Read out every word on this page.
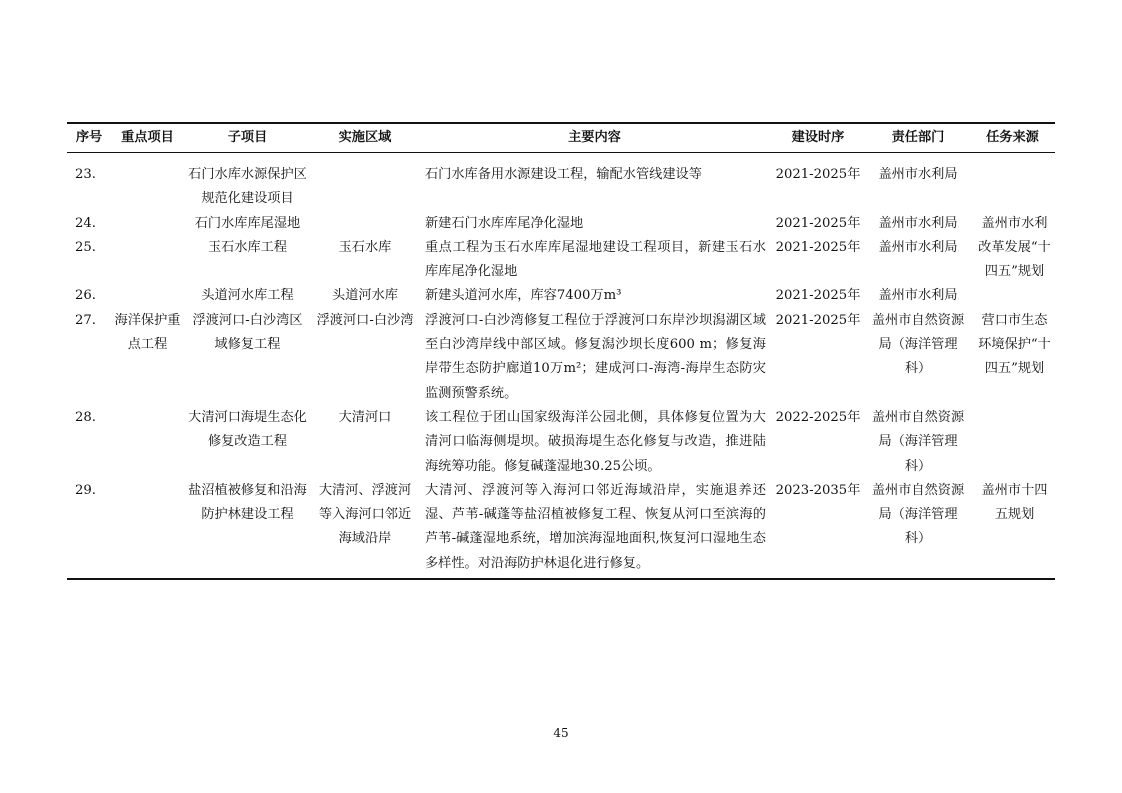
序号	重点项目	子项目	实施区域	主要内容	建设时序	责任部门	任务来源
23.		石门水库水源保护区规范化建设项目		石门水库备用水源建设工程，输配水管线建设等	2021-2025年	盖州市水利局	
24.		石门水库库尾湿地		新建石门水库库尾净化湿地	2021-2025年	盖州市水利局	盖州市水利改革发展“十四五”规划
25.		玉石水库工程	玉石水库	重点工程为玉石水库库尾湿地建设工程项目，新建玉石水库库尾净化湿地	2021-2025年	盖州市水利局	
26.		头道河水库工程	头道河水库	新建头道河水库，库容7400万m³	2021-2025年	盖州市水利局	
27.	海洋保护重点工程	浮渡河口-白沙湾区域修复工程	浮渡河口-白沙湾	浮渡河口-白沙湾修复工程位于浮渡河口东岸沙坝潟湖区域至白沙湾岸线中部区域。修复潟沙坝长度600 m；修复海岸带生态防护廊道10万m²；建成河口-海湾-海岸生态防灾监测预警系统。	2021-2025年	盖州市自然资源局（海洋管理科）	营口市生态环境保护“十四五”规划
28.		大清河口海堤生态化修复改造工程	大清河口	该工程位于团山国家级海洋公园北侧，具体修复位置为大清河口临海侧堤坝。破损海堤生态化修复与改造，推进陆海统筹功能。修复碱蓬湿地30.25公顷。	2022-2025年	盖州市自然资源局（海洋管理科）	
29.		盐沼植被修复和沿海防护林建设工程	大清河、浮渡河等入海河口邻近海域沿岸	大清河、浮渡河等入海河口邻近海域沿岸，实施退养还湿、芦苇-碱蓬等盐沼植被修复工程、恢复从河口至滨海的芦苇-碱蓬湿地系统，增加滨海湿地面积,恢复河口湿地生态多样性。对沿海防护林退化进行修复。	2023-2035年	盖州市自然资源局（海洋管理科）	盖州市十四五规划
45
